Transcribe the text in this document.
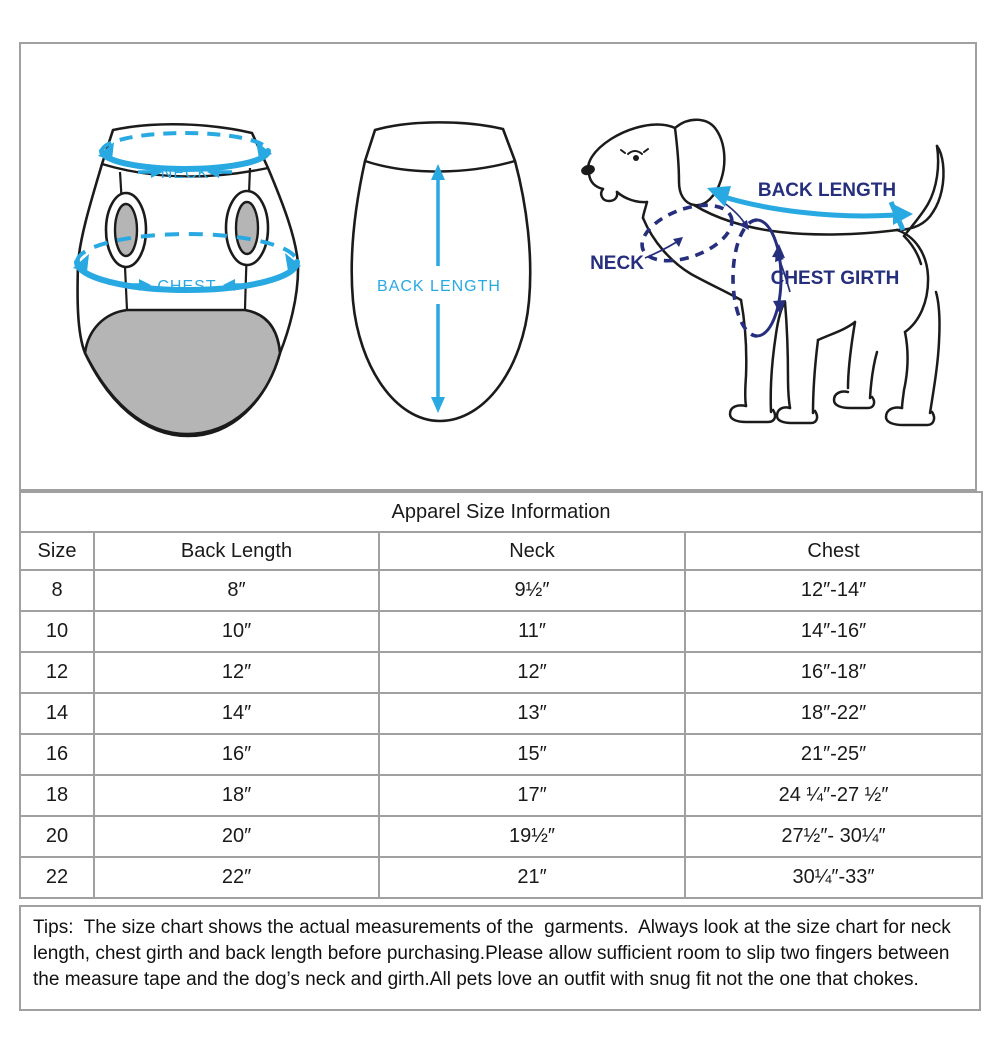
NECK
CHEST	BACK LENGTH
BACK LENGTH
NECK
CHEST GIRTH
Apparel Size Information			
Size	Back Length	Neck	Chest
8	8″	9½″	12″-14″
10	10″	11″	14″-16″
12	12″	12″	16″-18″
14	14″	13″	18″-22″
16	16″	15″	21″-25″
18	18″	17″	24 ¼″-27 ½″
20	20″	19½″	27½″- 30¼″
22	22″	21″	30¼″-33″
Tips:  The size chart shows the actual measurements of the  garments.  Always look at the size chart for neck length, chest girth and back length before purchasing.Please allow sufficient room to slip two fingers between the measure tape and the dog’s neck and girth.All pets love an outfit with snug fit not the one that chokes.
